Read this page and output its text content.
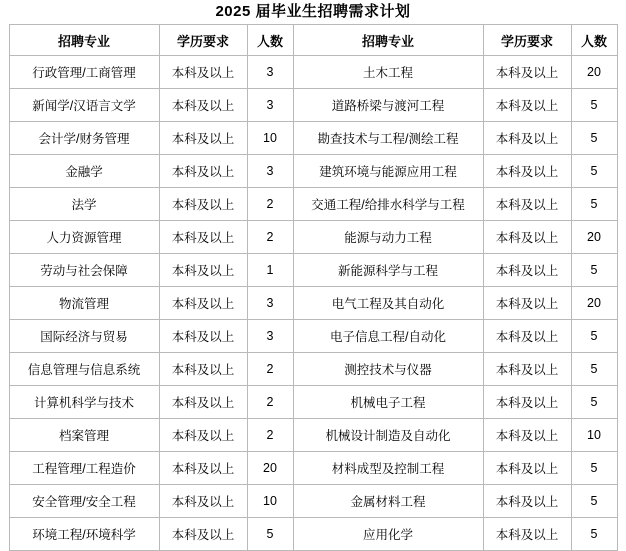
2025 届毕业生招聘需求计划
招聘专业	学历要求	人数	招聘专业	学历要求	人数
行政管理/工商管理	本科及以上	3	土木工程	本科及以上	20
新闻学/汉语言文学	本科及以上	3	道路桥梁与渡河工程	本科及以上	5
会计学/财务管理	本科及以上	10	勘查技术与工程/测绘工程	本科及以上	5
金融学	本科及以上	3	建筑环境与能源应用工程	本科及以上	5
法学	本科及以上	2	交通工程/给排水科学与工程	本科及以上	5
人力资源管理	本科及以上	2	能源与动力工程	本科及以上	20
劳动与社会保障	本科及以上	1	新能源科学与工程	本科及以上	5
物流管理	本科及以上	3	电气工程及其自动化	本科及以上	20
国际经济与贸易	本科及以上	3	电子信息工程/自动化	本科及以上	5
信息管理与信息系统	本科及以上	2	测控技术与仪器	本科及以上	5
计算机科学与技术	本科及以上	2	机械电子工程	本科及以上	5
档案管理	本科及以上	2	机械设计制造及自动化	本科及以上	10
工程管理/工程造价	本科及以上	20	材料成型及控制工程	本科及以上	5
安全管理/安全工程	本科及以上	10	金属材料工程	本科及以上	5
环境工程/环境科学	本科及以上	5	应用化学	本科及以上	5
